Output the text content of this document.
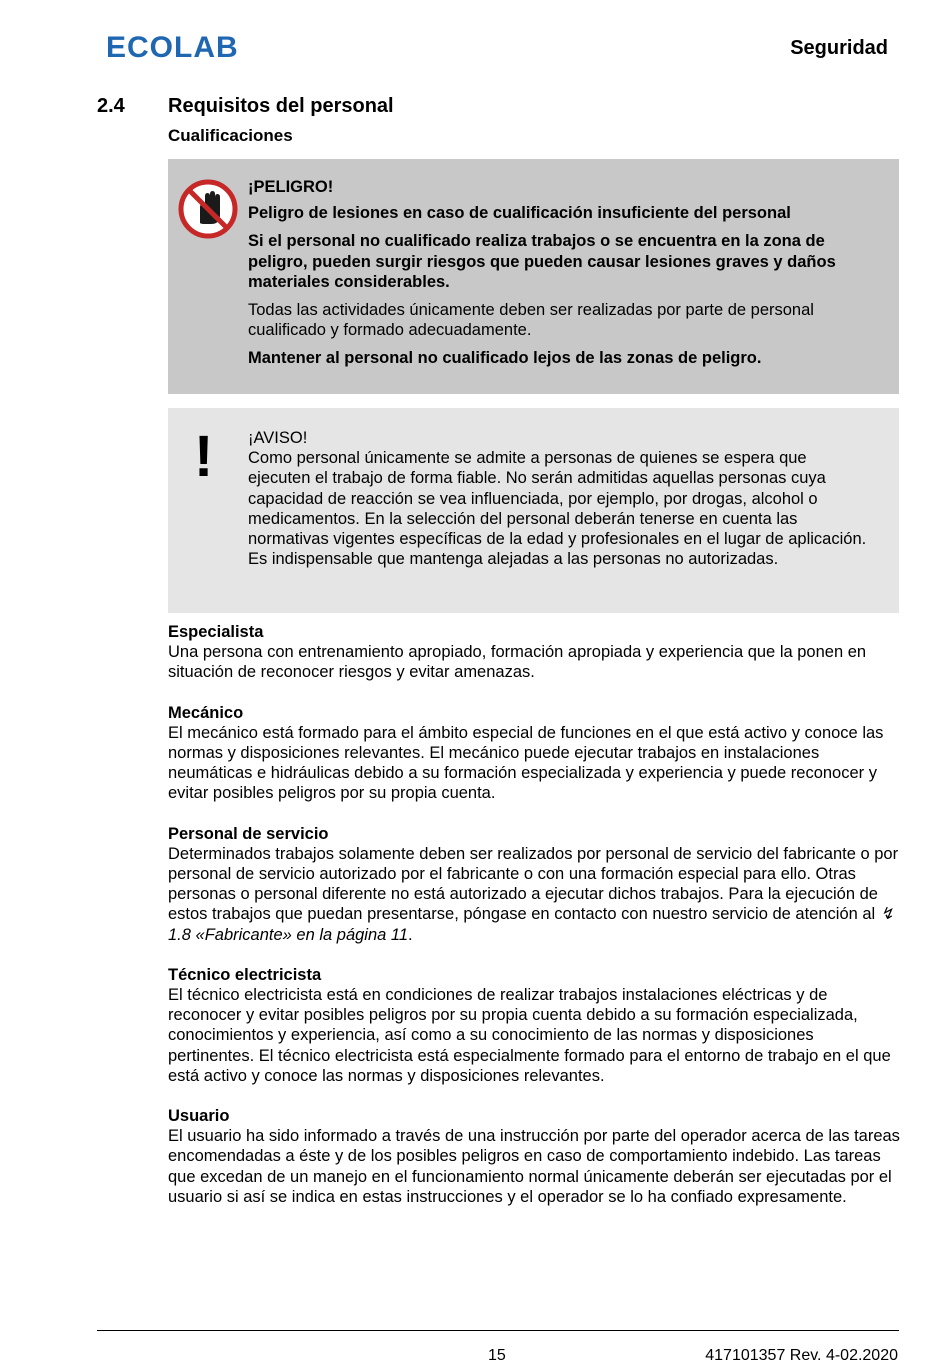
ECOLAB	Seguridad
2.4 Requisitos del personal
Cualificaciones

¡PELIGRO!

Peligro de lesiones en caso de cualificación insuficiente del personal

Si el personal no cualificado realiza trabajos o se encuentra en la zona de peligro, pueden surgir riesgos que pueden causar lesiones graves y daños materiales considerables.

Todas las actividades únicamente deben ser realizadas por parte de personal cualificado y formado adecuadamente.

Mantener al personal no cualificado lejos de las zonas de peligro.

! ¡AVISO!

Como personal únicamente se admite a personas de quienes se espera que ejecuten el trabajo de forma fiable. No serán admitidas aquellas personas cuya capacidad de reacción se vea influenciada, por ejemplo, por drogas, alcohol o medicamentos. En la selección del personal deberán tenerse en cuenta las normativas vigentes específicas de la edad y profesionales en el lugar de aplicación. Es indispensable que mantenga alejadas a las personas no autorizadas.

Especialista

Una persona con entrenamiento apropiado, formación apropiada y experiencia que la ponen en situación de reconocer riesgos y evitar amenazas.

Mecánico

El mecánico está formado para el ámbito especial de funciones en el que está activo y conoce las normas y disposiciones relevantes. El mecánico puede ejecutar trabajos en instalaciones neumáticas e hidráulicas debido a su formación especializada y experiencia y puede reconocer y evitar posibles peligros por su propia cuenta.

Personal de servicio

Determinados trabajos solamente deben ser realizados por personal de servicio del fabricante o por personal de servicio autorizado por el fabricante o con una formación especial para ello. Otras personas o personal diferente no está autorizado a ejecutar dichos trabajos. Para la ejecución de estos trabajos que puedan presentarse, póngase en contacto con nuestro servicio de atención al ↯ 1.8 «Fabricante» en la página 11.

Técnico electricista

El técnico electricista está en condiciones de realizar trabajos instalaciones eléctricas y de reconocer y evitar posibles peligros por su propia cuenta debido a su formación especializada, conocimientos y experiencia, así como a su conocimiento de las normas y disposiciones pertinentes. El técnico electricista está especialmente formado para el entorno de trabajo en el que está activo y conoce las normas y disposiciones relevantes.

Usuario

El usuario ha sido informado a través de una instrucción por parte del operador acerca de las tareas encomendadas a éste y de los posibles peligros en caso de comportamiento indebido. Las tareas que excedan de un manejo en el funcionamiento normal únicamente deberán ser ejecutadas por el usuario si así se indica en estas instrucciones y el operador se lo ha confiado expresamente.

15	417101357 Rev. 4-02.2020
